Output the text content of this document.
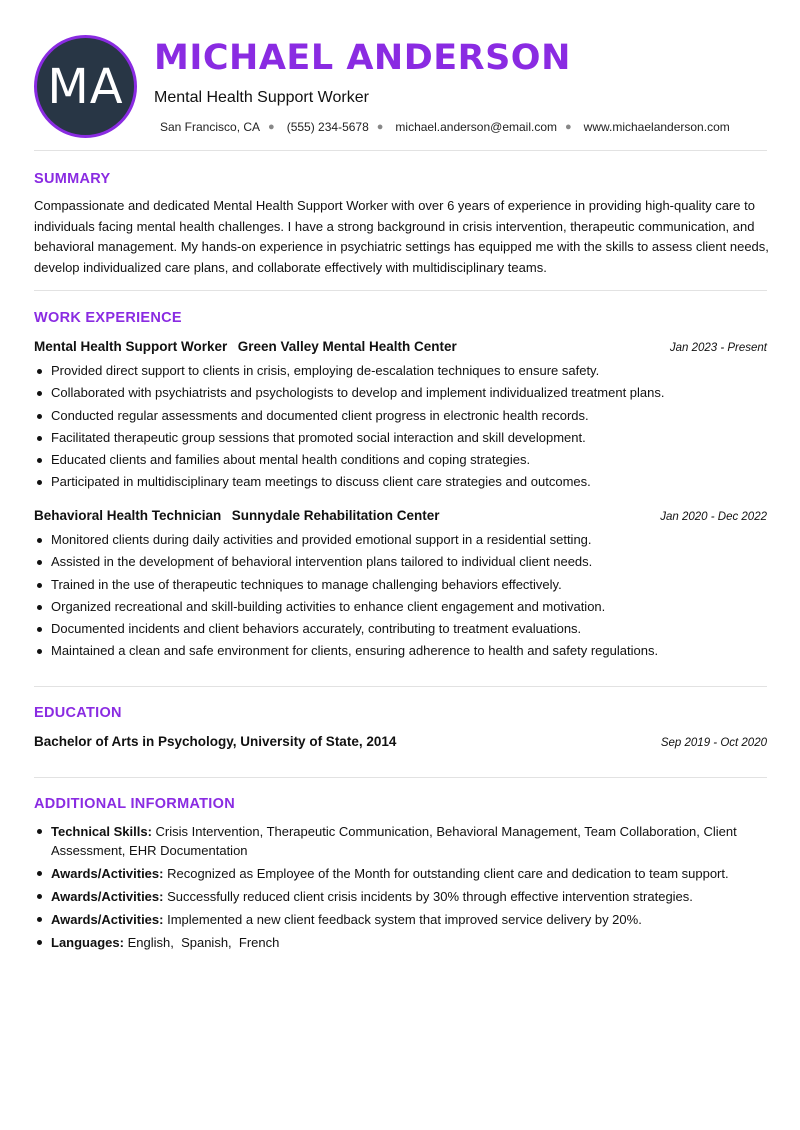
MA
MICHAEL ANDERSON
Mental Health Support Worker
San Francisco, CA ● (555) 234-5678 ● michael.anderson@email.com ● www.michaelanderson.com
SUMMARY

Compassionate and dedicated Mental Health Support Worker with over 6 years of experience in providing high-quality care to individuals facing mental health challenges. I have a strong background in crisis intervention, therapeutic communication, and behavioral management. My hands-on experience in psychiatric settings has equipped me with the skills to assess client needs, develop individualized care plans, and collaborate effectively with multidisciplinary teams.

WORK EXPERIENCE
Mental Health Support Worker Green Valley Mental Health Center	Jan 2023 - Present
Provided direct support to clients in crisis, employing de-escalation techniques to ensure safety.
Collaborated with psychiatrists and psychologists to develop and implement individualized treatment plans.
Conducted regular assessments and documented client progress in electronic health records.
Facilitated therapeutic group sessions that promoted social interaction and skill development.
Educated clients and families about mental health conditions and coping strategies.
Participated in multidisciplinary team meetings to discuss client care strategies and outcomes.
Behavioral Health Technician Sunnydale Rehabilitation Center	Jan 2020 - Dec 2022
Monitored clients during daily activities and provided emotional support in a residential setting.
Assisted in the development of behavioral intervention plans tailored to individual client needs.
Trained in the use of therapeutic techniques to manage challenging behaviors effectively.
Organized recreational and skill-building activities to enhance client engagement and motivation.
Documented incidents and client behaviors accurately, contributing to treatment evaluations.
Maintained a clean and safe environment for clients, ensuring adherence to health and safety regulations.
EDUCATION
Bachelor of Arts in Psychology, University of State, 2014	Sep 2019 - Oct 2020
ADDITIONAL INFORMATION
Technical Skills: Crisis Intervention, Therapeutic Communication, Behavioral Management, Team Collaboration, Client Assessment, EHR Documentation
Awards/Activities: Recognized as Employee of the Month for outstanding client care and dedication to team support.
Awards/Activities: Successfully reduced client crisis incidents by 30% through effective intervention strategies.
Awards/Activities: Implemented a new client feedback system that improved service delivery by 20%.
Languages: English,  Spanish,  French
